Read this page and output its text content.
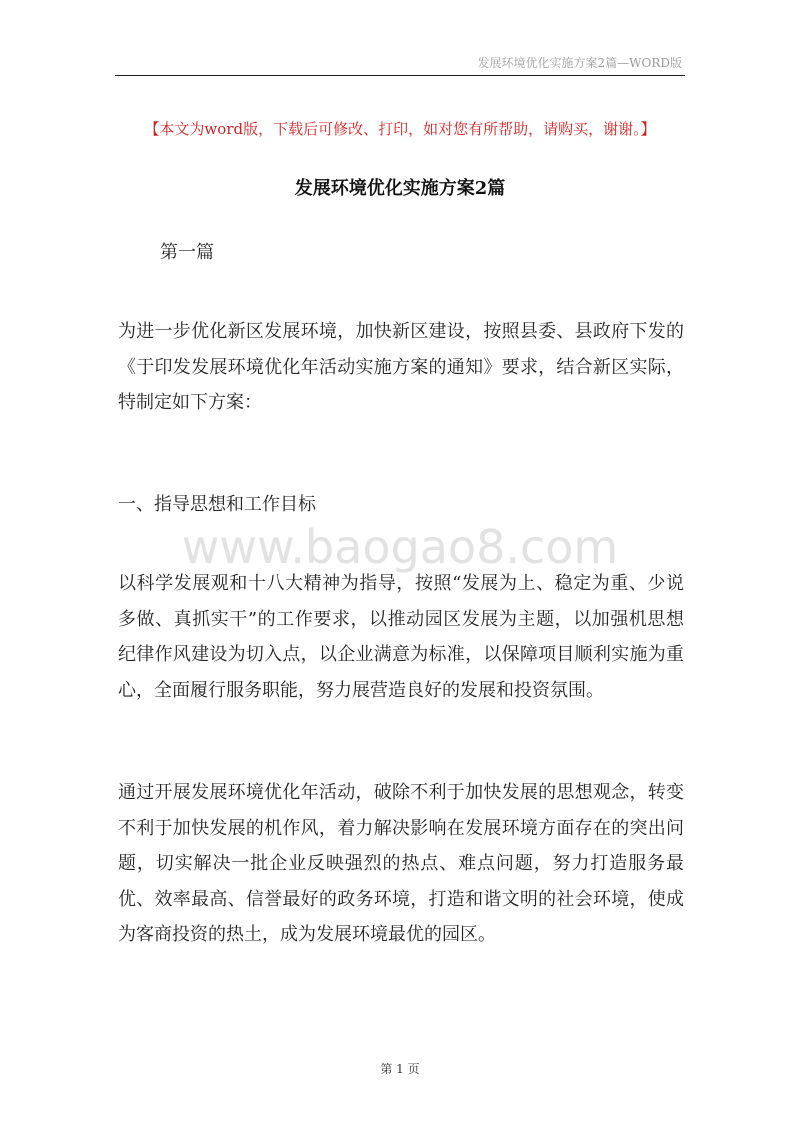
发展环境优化实施方案2篇—WORD版
【本文为word版，下载后可修改、打印，如对您有所帮助，请购买，谢谢。】
发展环境优化实施方案2篇
第一篇

为进一步优化新区发展环境，加快新区建设，按照县委、县政府下发的《于印发发展环境优化年活动实施方案的通知》要求，结合新区实际，特制定如下方案：

一、指导思想和工作目标

www.baogao8.com

以科学发展观和十八大精神为指导，按照“发展为上、稳定为重、少说多做、真抓实干”的工作要求，以推动园区发展为主题，以加强机思想纪律作风建设为切入点，以企业满意为标准，以保障项目顺利实施为重心，全面履行服务职能，努力展营造良好的发展和投资氛围。

通过开展发展环境优化年活动，破除不利于加快发展的思想观念，转变不利于加快发展的机作风，着力解决影响在发展环境方面存在的突出问题，切实解决一批企业反映强烈的热点、难点问题，努力打造服务最优、效率最高、信誉最好的政务环境，打造和谐文明的社会环境，使成为客商投资的热土，成为发展环境最优的园区。

第 1 页
